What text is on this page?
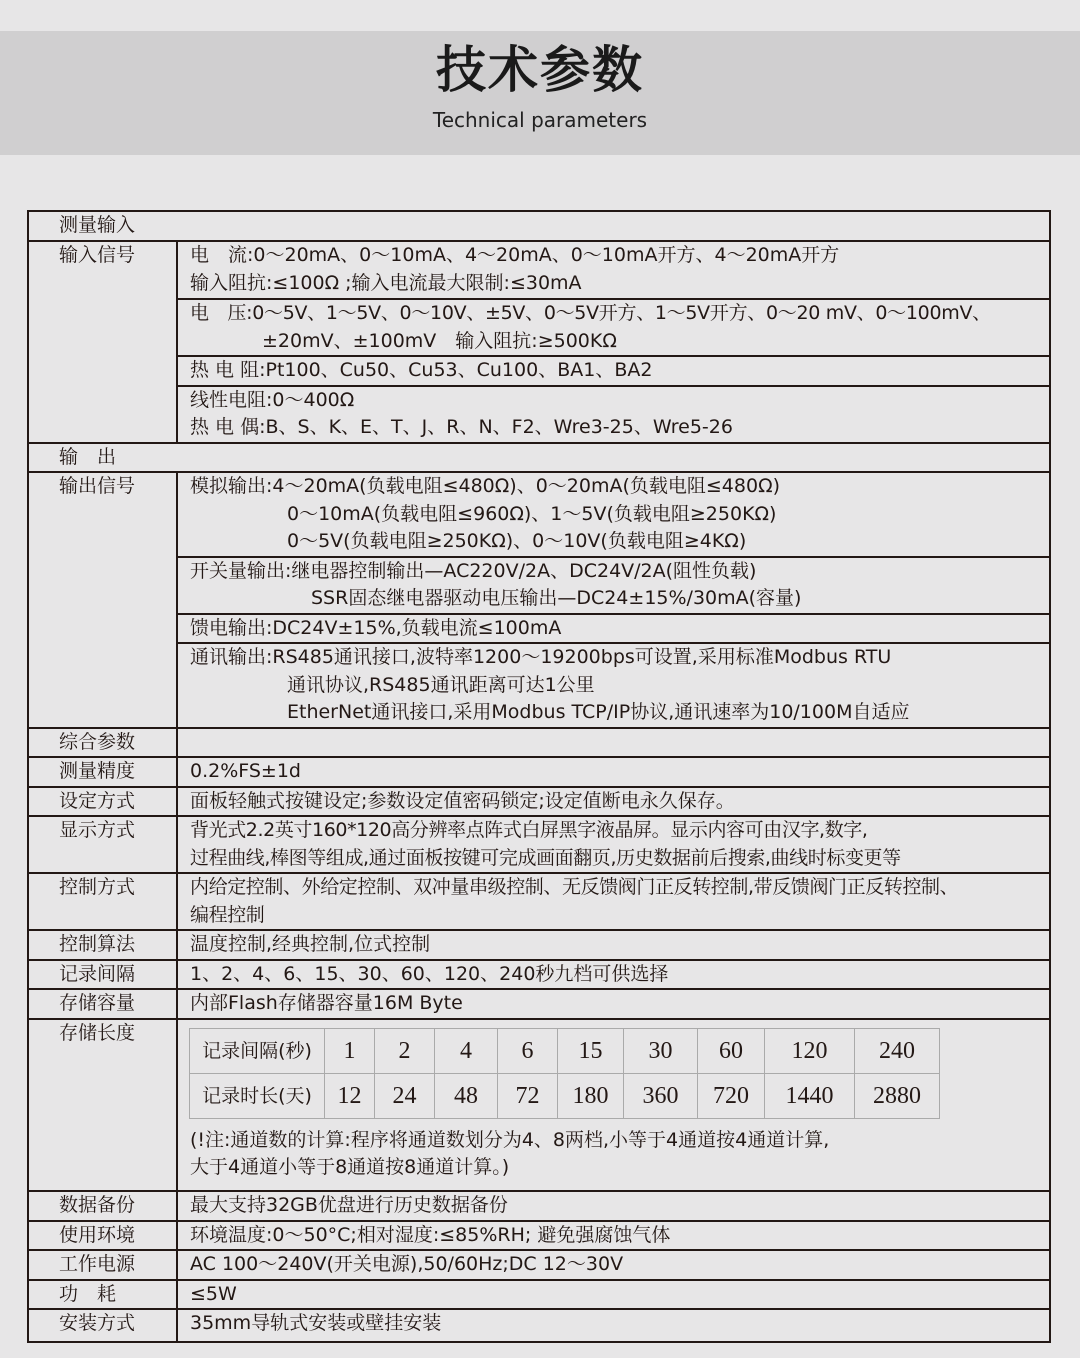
技术参数
Technical parameters
测量输入
输入信号	电　流:0～20mA、0～10mA、4～20mA、0～10mA开方、4～20mA开方
输入阻抗:≤100Ω ;输入电流最大限制:≤30mA

电　压:0～5V、1～5V、0～10V、±5V、0～5V开方、1～5V开方、0～20 mV、0～100mV、
±20mV、±100mV　输入阻抗:≥500KΩ

热 电 阻:Pt100、Cu50、Cu53、Cu100、BA1、BA2

线性电阻:0～400Ω
热 电 偶:B、S、K、E、T、J、R、N、F2、Wre3-25、Wre5-26

输　出
输出信号	模拟输出:4～20mA(负载电阻≤480Ω)、0～20mA(负载电阻≤480Ω)
0～10mA(负载电阻≤960Ω)、1～5V(负载电阻≥250KΩ)
0～5V(负载电阻≥250KΩ)、0～10V(负载电阻≥4KΩ)

开关量输出:继电器控制输出—AC220V/2A、DC24V/2A(阻性负载)
SSR固态继电器驱动电压输出—DC24±15%/30mA(容量)

馈电输出:DC24V±15%,负载电流≤100mA

通讯输出:RS485通讯接口,波特率1200～19200bps可设置,采用标准Modbus RTU
通讯协议,RS485通讯距离可达1公里
EtherNet通讯接口,采用Modbus TCP/IP协议,通讯速率为10/100M自适应

综合参数	
测量精度	0.2%FS±1d
设定方式	面板轻触式按键设定;参数设定值密码锁定;设定值断电永久保存。
显示方式	背光式2.2英寸160*120高分辨率点阵式白屏黑字液晶屏。显示内容可由汉字,数字,
过程曲线,棒图等组成,通过面板按键可完成画面翻页,历史数据前后搜索,曲线时标变更等

控制方式	内给定控制、外给定控制、双冲量串级控制、无反馈阀门正反转控制,带反馈阀门正反转控制、
编程控制

控制算法	温度控制,经典控制,位式控制
记录间隔	1、2、4、6、15、30、60、120、240秒九档可供选择
存储容量	内部Flash存储器容量16M Byte
存储长度	
记录间隔(秒)	1	2	4	6	15	30	60	120	240
记录时长(天)	12	24	48	72	180	360	720	1440	2880
(!注:通道数的计算:程序将通道数划分为4、8两档,小等于4通道按4通道计算,
大于4通道小等于8通道按8通道计算。)

数据备份	最大支持32GB优盘进行历史数据备份
使用环境	环境温度:0～50°C;相对湿度:≤85%RH; 避免强腐蚀气体
工作电源	AC 100～240V(开关电源),50/60Hz;DC 12～30V
功　耗	≤5W
安装方式	35mm导轨式安装或壁挂安装
